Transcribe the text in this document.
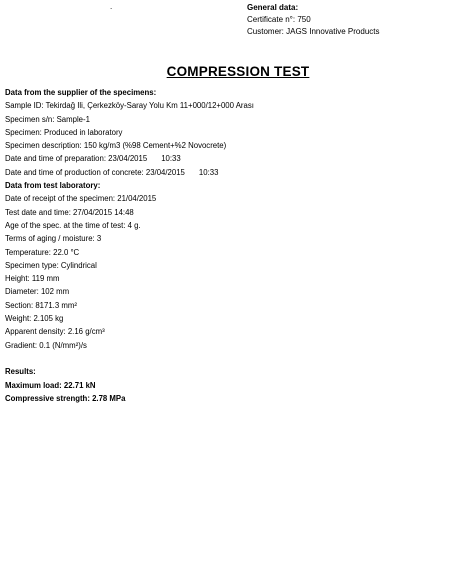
.	General data:
Certificate n°: 750
Customer: JAGS Innovative Products
COMPRESSION TEST
Data from the supplier of the specimens:
Sample ID: Tekirdağ Ili, Çerkezköy-Saray Yolu Km 11+000/12+000 Arası
Specimen s/n: Sample-1
Specimen: Produced in laboratory
Specimen description: 150 kg/m3 (%98 Cement+%2 Novocrete)
Date and time of preparation: 23/04/2015 10:33
Date and time of production of concrete: 23/04/2015 10:33
Data from test laboratory:
Date of receipt of the specimen: 21/04/2015
Test date and time: 27/04/2015 14:48
Age of the spec. at the time of test: 4 g.
Terms of aging / moisture: 3
Temperature: 22.0 °C
Specimen type: Cylindrical
Height: 119 mm
Diameter: 102 mm
Section: 8171.3 mm²
Weight: 2.105 kg
Apparent density: 2.16 g/cm³
Gradient: 0.1 (N/mm²)/s
Results:
Maximum load: 22.71 kN
Compressive strength: 2.78 MPa
